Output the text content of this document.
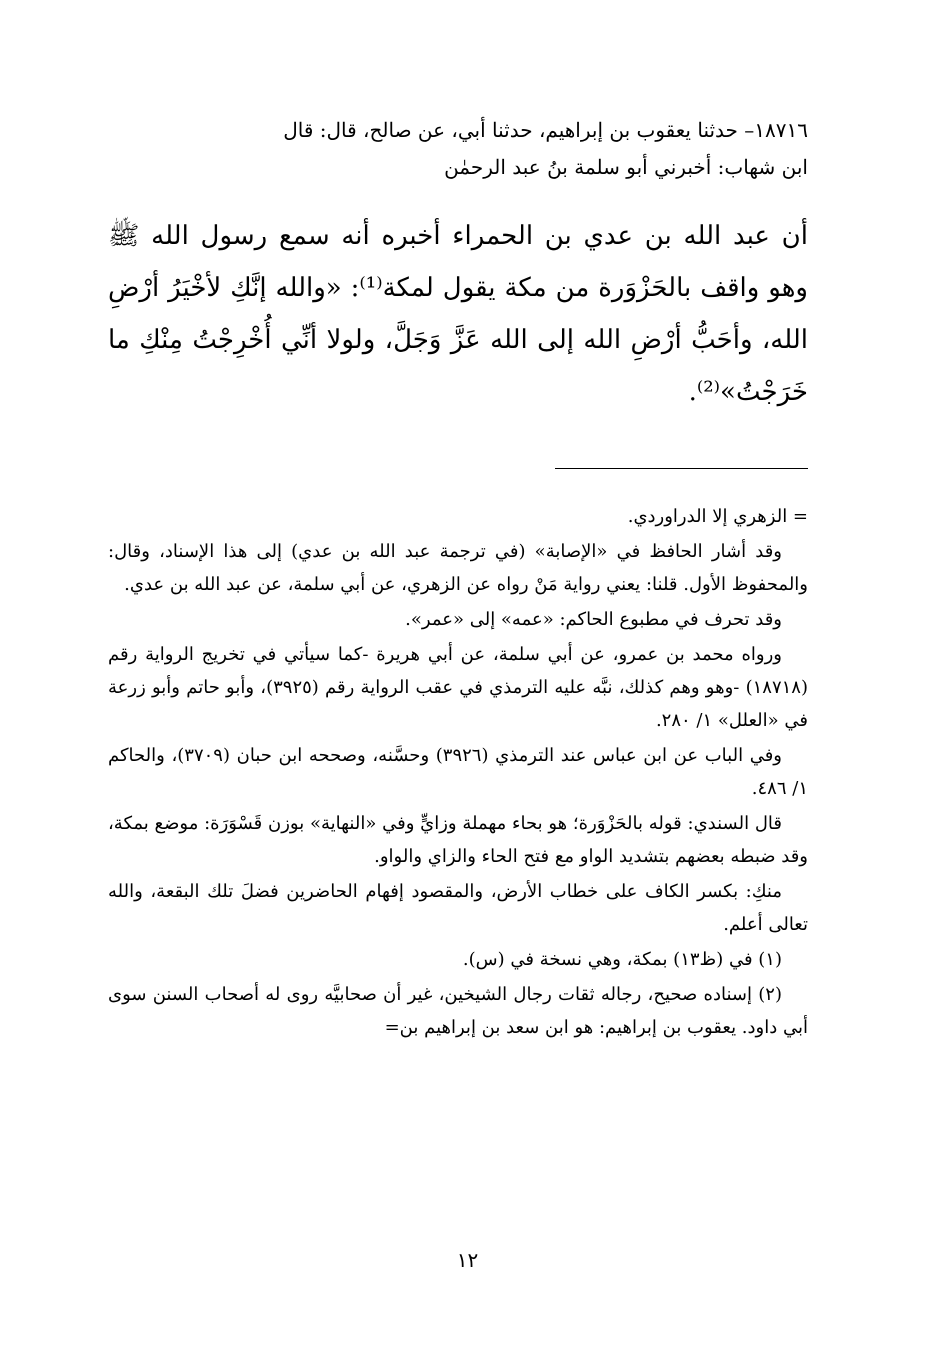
١٨٧١٦– حدثنا يعقوب بن إبراهيم، حدثنا أبي، عن صالح، قال: قال

ابن شهاب: أخبرني أبو سلمة بنُ عبد الرحمٰن

أن عبد الله بن عدي بن الحمراء أخبره أنه سمع رسول الله ﷺ وهو واقف بالحَزْوَرة من مكة يقول لمكة⁽¹⁾: «والله إنَّكِ لأخْيَرُ أرْضِ الله، وأحَبُّ أرْضِ الله إلى الله عَزَّ وَجَلَّ، ولولا أنِّي أُخْرِجْتُ مِنْكِ ما خَرَجْتُ»⁽²⁾.

= الزهري إلا الدراوردي.

وقد أشار الحافظ في «الإصابة» (في ترجمة عبد الله بن عدي) إلى هذا الإسناد، وقال: والمحفوظ الأول. قلنا: يعني رواية مَنْ رواه عن الزهري، عن أبي سلمة، عن عبد الله بن عدي.

وقد تحرف في مطبوع الحاكم: «عمه» إلى «عمر».

ورواه محمد بن عمرو، عن أبي سلمة، عن أبي هريرة -كما سيأتي في تخريج الرواية رقم (١٨٧١٨) -وهو وهم كذلك، نبَّه عليه الترمذي في عقب الرواية رقم (٣٩٢٥)، وأبو حاتم وأبو زرعة في «العلل» ١/ ٢٨٠.

وفي الباب عن ابن عباس عند الترمذي (٣٩٢٦) وحسَّنه، وصححه ابن حبان (٣٧٠٩)، والحاكم ١/ ٤٨٦.

قال السندي: قوله بالحَزْوَرة؛ هو بحاء مهملة وزايٍّ وفي «النهاية» بوزن قَسْوَرَة: موضع بمكة، وقد ضبطه بعضهم بتشديد الواو مع فتح الحاء والزاي والواو.

منكِ: بكسر الكاف على خطاب الأرض، والمقصود إفهام الحاضرين فضلَ تلك البقعة، والله تعالى أعلم.

(١) في (ظ١٣) بمكة، وهي نسخة في (س).

(٢) إسناده صحيح، رجاله ثقات رجال الشيخين، غير أن صحابيَّه روى له أصحاب السنن سوى أبي داود. يعقوب بن إبراهيم: هو ابن سعد بن إبراهيم بن=

١٢
